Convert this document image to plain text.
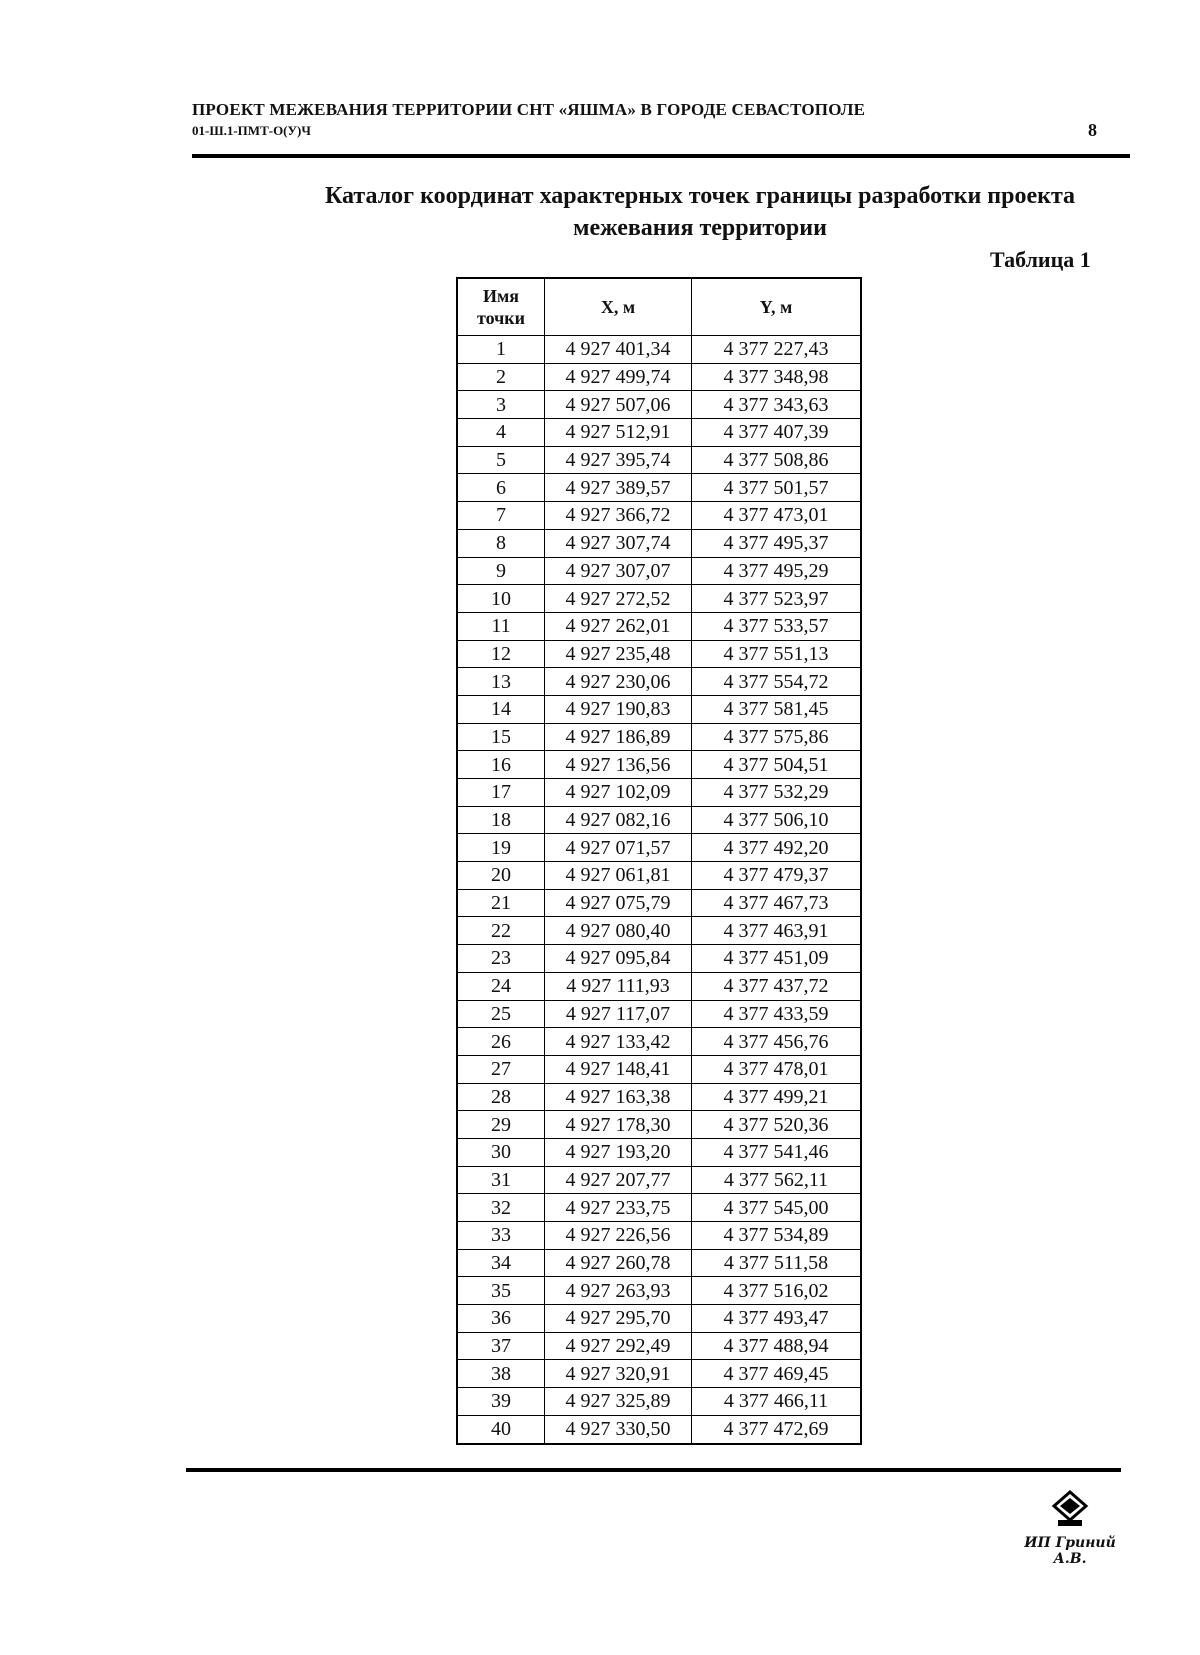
ПРОЕКТ МЕЖЕВАНИЯ ТЕРРИТОРИИ СНТ «ЯШМА» В ГОРОДЕ СЕВАСТОПОЛЕ
01-Ш.1-ПМТ-О(У)Ч	8
Каталог координат характерных точек границы разработки проекта
межевания территории
Таблица 1
Имя точки	X, м	Y, м
1	4 927 401,34	4 377 227,43
2	4 927 499,74	4 377 348,98
3	4 927 507,06	4 377 343,63
4	4 927 512,91	4 377 407,39
5	4 927 395,74	4 377 508,86
6	4 927 389,57	4 377 501,57
7	4 927 366,72	4 377 473,01
8	4 927 307,74	4 377 495,37
9	4 927 307,07	4 377 495,29
10	4 927 272,52	4 377 523,97
11	4 927 262,01	4 377 533,57
12	4 927 235,48	4 377 551,13
13	4 927 230,06	4 377 554,72
14	4 927 190,83	4 377 581,45
15	4 927 186,89	4 377 575,86
16	4 927 136,56	4 377 504,51
17	4 927 102,09	4 377 532,29
18	4 927 082,16	4 377 506,10
19	4 927 071,57	4 377 492,20
20	4 927 061,81	4 377 479,37
21	4 927 075,79	4 377 467,73
22	4 927 080,40	4 377 463,91
23	4 927 095,84	4 377 451,09
24	4 927 111,93	4 377 437,72
25	4 927 117,07	4 377 433,59
26	4 927 133,42	4 377 456,76
27	4 927 148,41	4 377 478,01
28	4 927 163,38	4 377 499,21
29	4 927 178,30	4 377 520,36
30	4 927 193,20	4 377 541,46
31	4 927 207,77	4 377 562,11
32	4 927 233,75	4 377 545,00
33	4 927 226,56	4 377 534,89
34	4 927 260,78	4 377 511,58
35	4 927 263,93	4 377 516,02
36	4 927 295,70	4 377 493,47
37	4 927 292,49	4 377 488,94
38	4 927 320,91	4 377 469,45
39	4 927 325,89	4 377 466,11
40	4 927 330,50	4 377 472,69
ИП Гриний А.В.
